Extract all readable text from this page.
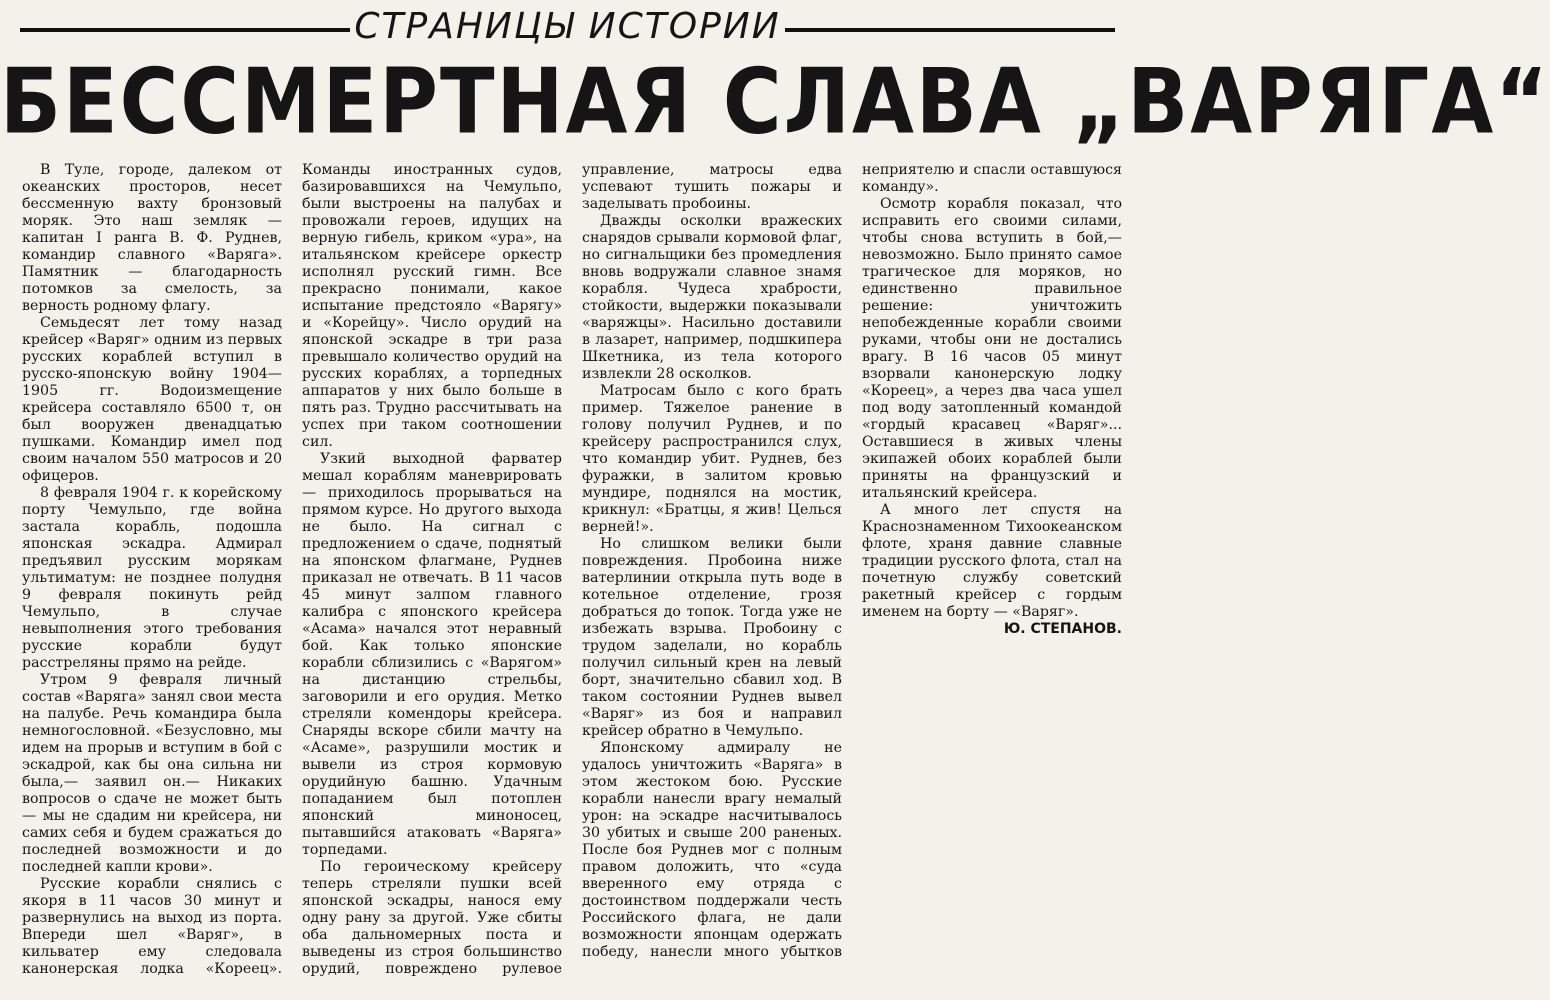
СТРАНИЦЫ ИСТОРИИ
БЕССМЕРТНАЯ СЛАВА „ВАРЯГА“

В Туле, городе, далеком от океанских просторов, несет бессменную вахту бронзовый моряк. Это наш земляк — капитан I ранга В. Ф. Руднев, командир славного «Варяга». Памятник — благодарность потомков за смелость, за верность родному флагу.

Семьдесят лет тому назад крейсер «Варяг» одним из первых русских кораблей вступил в русско-японскую войну 1904—1905 гг. Водоизмещение крейсера составляло 6500 т, он был вооружен двенадцатью пушками. Командир имел под своим началом 550 матросов и 20 офицеров.

8 февраля 1904 г. к корейскому порту Чемульпо, где война застала корабль, подошла японская эскадра. Адмирал предъявил русским морякам ультиматум: не позднее полудня 9 февраля покинуть рейд Чемульпо, в случае невыполнения этого требования русские корабли будут расстреляны прямо на рейде.

Утром 9 февраля личный состав «Варяга» занял свои места на палубе. Речь командира была немногословной. «Безусловно, мы идем на прорыв и вступим в бой с эскадрой, как бы она сильна ни была,— заявил он.— Никаких вопросов о сдаче не может быть — мы не сдадим ни крейсера, ни самих себя и будем сражаться до последней возможности и до последней капли крови».

Русские корабли снялись с якоря в 11 часов 30 минут и развернулись на выход из порта. Впереди шел «Варяг», в кильватер ему следовала канонерская лодка «Кореец». Команды иностранных судов, базировавшихся на Чемульпо, были выстроены на палубах и провожали героев, идущих на верную гибель, криком «ура», на итальянском крейсере оркестр исполнял русский гимн. Все прекрасно понимали, какое испытание предстояло «Варягу» и «Корейцу». Число орудий на японской эскадре в три раза превышало количество орудий на русских кораблях, а торпедных аппаратов у них было больше в пять раз. Трудно рассчитывать на успех при таком соотношении сил.

Узкий выходной фарватер мешал кораблям маневрировать — приходилось прорываться на прямом курсе. Но другого выхода не было. На сигнал с предложением о сдаче, поднятый на японском флагмане, Руднев приказал не отвечать. В 11 часов 45 минут залпом главного калибра с японского крейсера «Асама» начался этот неравный бой. Как только японские корабли сблизились с «Варягом» на дистанцию стрельбы, заговорили и его орудия. Метко стреляли комендоры крейсера. Снаряды вскоре сбили мачту на «Асаме», разрушили мостик и вывели из строя кормовую орудийную башню. Удачным попаданием был потоплен японский миноносец, пытавшийся атаковать «Варяга» торпедами.

По героическому крейсеру теперь стреляли пушки всей японской эскадры, нанося ему одну рану за другой. Уже сбиты оба дальномерных поста и выведены из строя большинство орудий, повреждено рулевое управление, матросы едва успевают тушить пожары и заделывать пробоины.

Дважды осколки вражеских снарядов срывали кормовой флаг, но сигнальщики без промедления вновь водружали славное знамя корабля. Чудеса храбрости, стойкости, выдержки показывали «варяжцы». Насильно доставили в лазарет, например, подшкипера Шкетника, из тела которого извлекли 28 осколков.

Матросам было с кого брать пример. Тяжелое ранение в голову получил Руднев, и по крейсеру распространился слух, что командир убит. Руднев, без фуражки, в залитом кровью мундире, поднялся на мостик, крикнул: «Братцы, я жив! Целься верней!».

Но слишком велики были повреждения. Пробоина ниже ватерлинии открыла путь воде в котельное отделение, грозя добраться до топок. Тогда уже не избежать взрыва. Пробоину с трудом заделали, но корабль получил сильный крен на левый борт, значительно сбавил ход. В таком состоянии Руднев вывел «Варяг» из боя и направил крейсер обратно в Чемульпо.

Японскому адмиралу не удалось уничтожить «Варяга» в этом жестоком бою. Русские корабли нанесли врагу немалый урон: на эскадре насчитывалось 30 убитых и свыше 200 раненых. После боя Руднев мог с полным правом доложить, что «суда вверенного ему отряда с достоинством поддержали честь Российского флага, не дали возможности японцам одержать победу, нанесли много убытков неприятелю и спасли оставшуюся команду».

Осмотр корабля показал, что исправить его своими силами, чтобы снова вступить в бой,—невозможно. Было принято самое трагическое для моряков, но единственно правильное решение: уничтожить непобежденные корабли своими руками, чтобы они не достались врагу. В 16 часов 05 минут взорвали канонерскую лодку «Кореец», а через два часа ушел под воду затопленный командой «гордый красавец «Варяг»... Оставшиеся в живых члены экипажей обоих кораблей были приняты на французский и итальянский крейсера.

А много лет спустя на Краснознаменном Тихоокеанском флоте, храня давние славные традиции русского флота, стал на почетную службу советский ракетный крейсер с гордым именем на борту — «Варяг».

Ю. СТЕПАНОВ.
